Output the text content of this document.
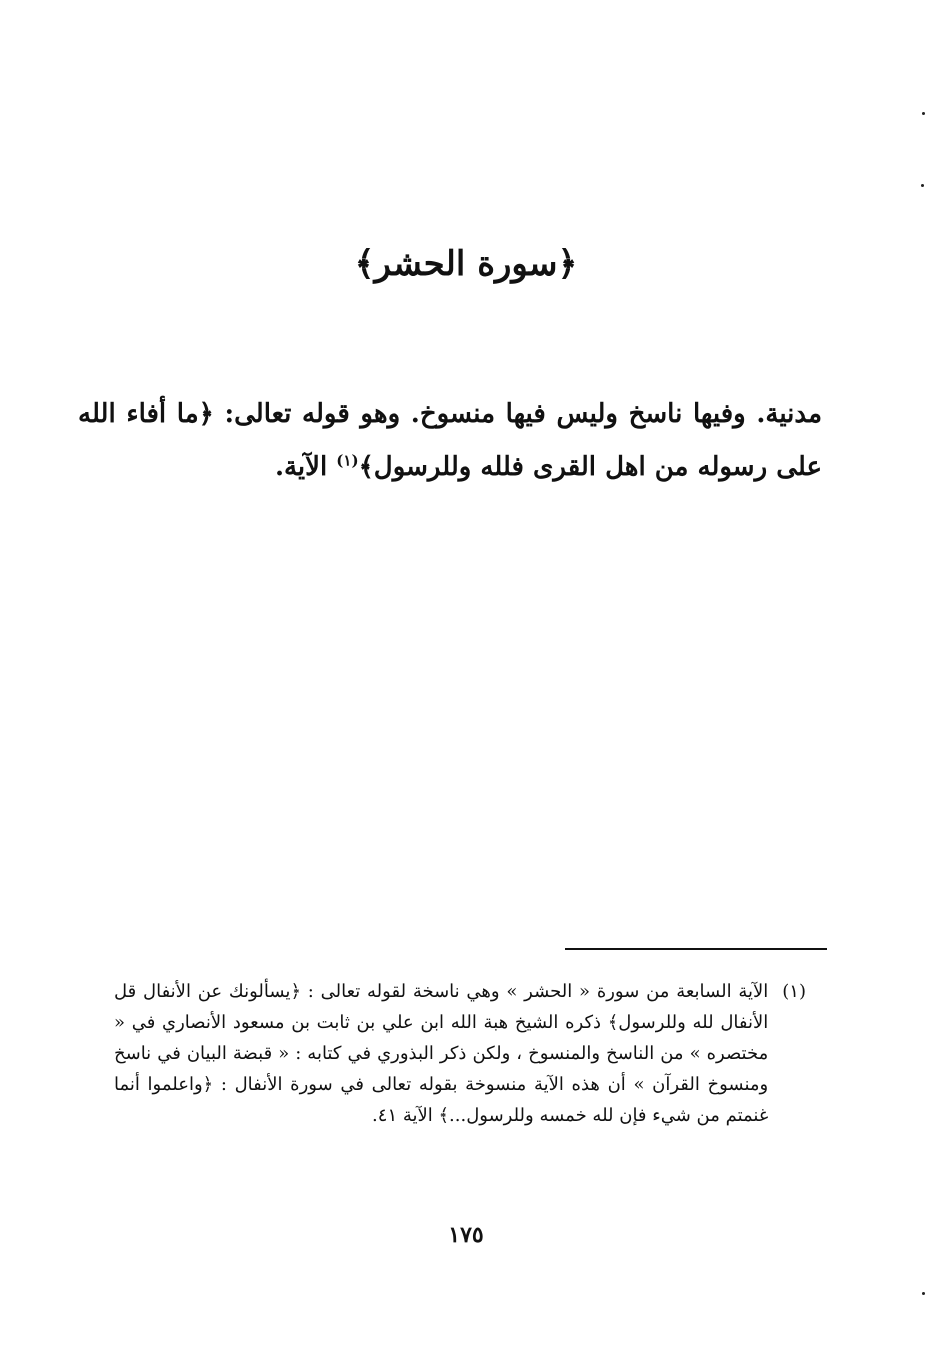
﴿سورة الحشر﴾

مدنية. وفيها ناسخ وليس فيها منسوخ. وهو قوله تعالى: ﴿ما أفاء الله على رسوله من اهل القرى فلله وللرسول﴾$^{(١)}$ الآية.

(١)
الآية السابعة من سورة « الحشر » وهي ناسخة لقوله تعالى : ﴿يسألونك عن الأنفال قل الأنفال لله وللرسول﴾ ذكره الشيخ هبة الله ابن علي بن ثابت بن مسعود الأنصاري في « مختصره » من الناسخ والمنسوخ ، ولكن ذكر البذوري في كتابه : « قبضة البيان في ناسخ ومنسوخ القرآن » أن هذه الآية منسوخة بقوله تعالى في سورة الأنفال : ﴿واعلموا أنما غنمتم من شيء فإن لله خمسه وللرسول...﴾ الآية ٤١.
١٧٥
